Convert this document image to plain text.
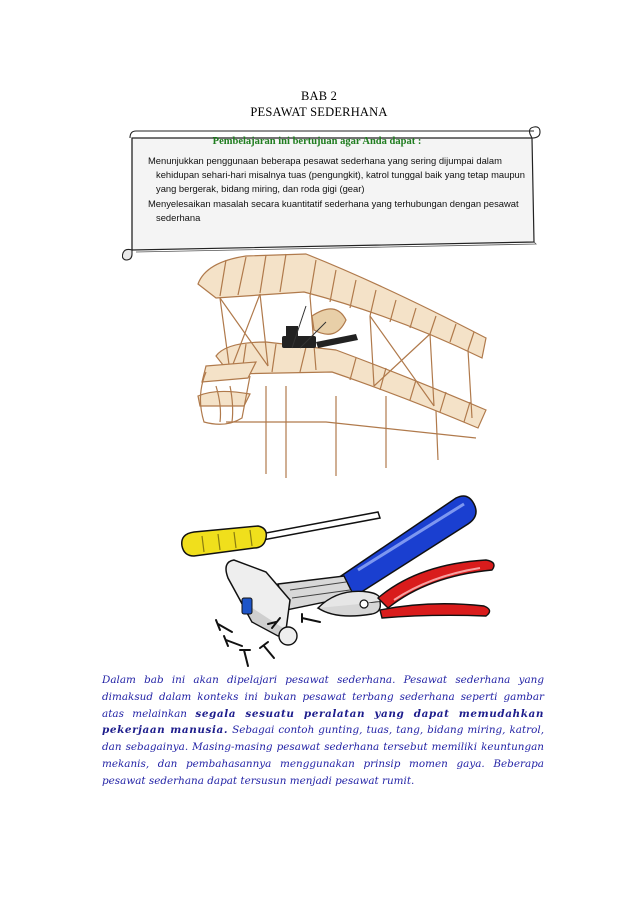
BAB 2
PESAWAT SEDERHANA
Pembelajaran ini bertujuan agar Anda dapat :
Menunjukkan penggunaan beberapa pesawat sederhana yang sering dijumpai dalam kehidupan sehari-hari misalnya tuas (pengungkit), katrol tunggal baik yang tetap maupun yang bergerak, bidang miring, dan roda gigi (gear)
Menyelesaikan masalah secara kuantitatif sederhana yang terhubungan dengan pesawat sederhana

Dalam bab ini akan dipelajari pesawat sederhana. Pesawat sederhana yang dimaksud dalam konteks ini bukan pesawat terbang sederhana seperti gambar atas melainkan segala sesuatu peralatan yang dapat memudahkan pekerjaan manusia. Sebagai contoh gunting, tuas, tang, bidang miring, katrol, dan sebagainya. Masing-masing pesawat sederhana tersebut memiliki keuntungan mekanis, dan pembahasannya menggunakan prinsip momen gaya. Beberapa pesawat sederhana dapat tersusun menjadi pesawat rumit.
